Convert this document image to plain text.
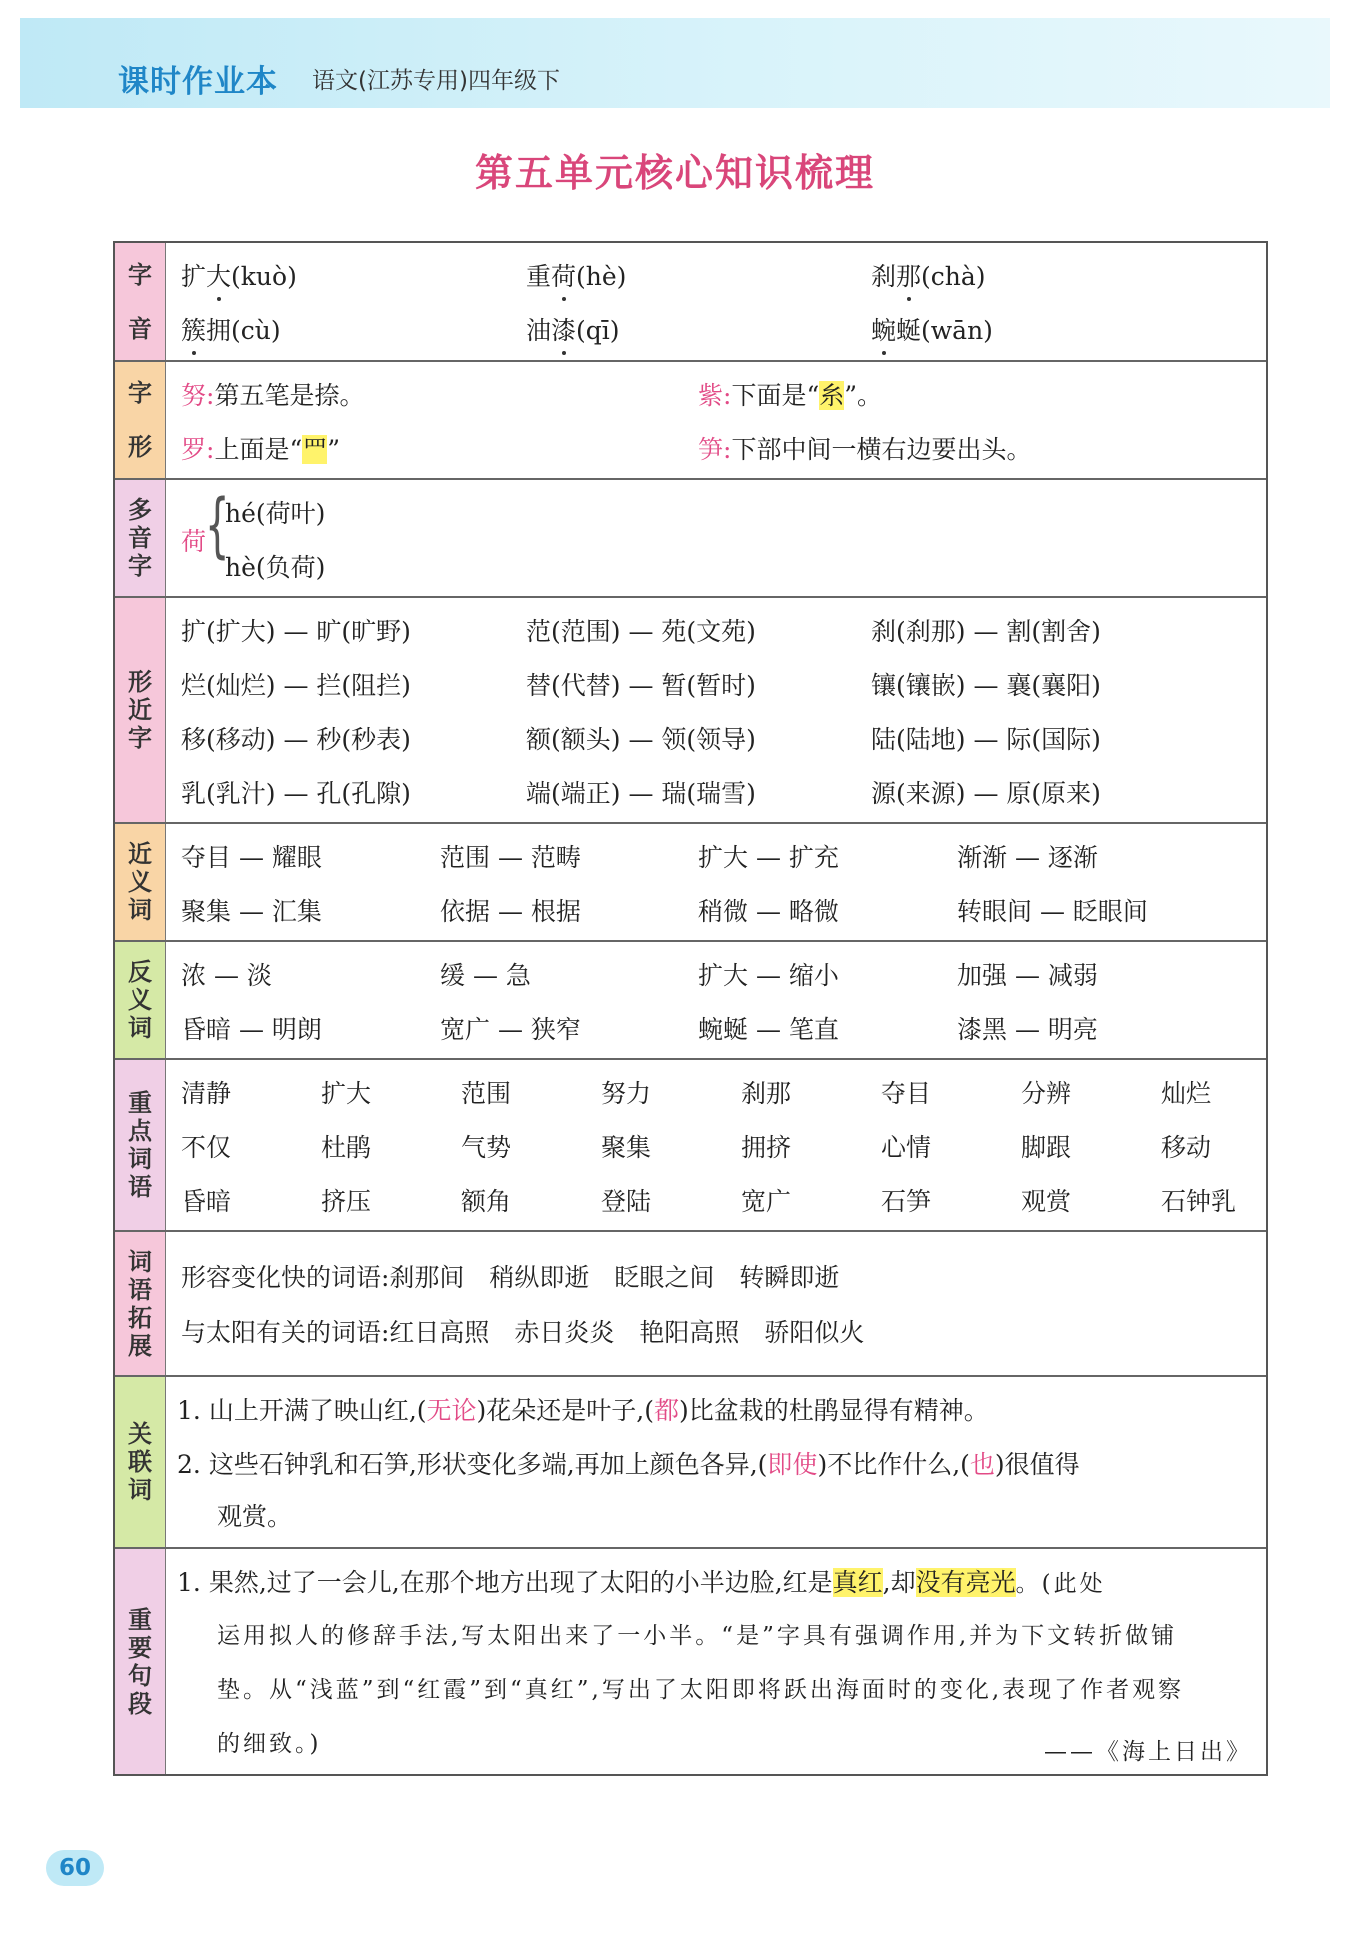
课时作业本 语文(江苏专用)四年级下
第五单元核心知识梳理
字
音
扩大(kuò)	重荷(hè)	刹那(chà)
簇拥(cù)	油漆(qī)	蜿蜒(wān)
字
形
努:第五笔是捺。	紫:下面是“糸”。
罗:上面是“罒”	笋:下部中间一横右边要出头。
多
音
字
荷 {
hé(荷叶)
hè(负荷)
形
近
字
扩(扩大) — 旷(旷野)	范(范围) — 苑(文苑)	刹(刹那) — 割(割舍)
烂(灿烂) — 拦(阻拦)	替(代替) — 暂(暂时)	镶(镶嵌) — 襄(襄阳)
移(移动) — 秒(秒表)	额(额头) — 领(领导)	陆(陆地) — 际(国际)
乳(乳汁) — 孔(孔隙)	端(端正) — 瑞(瑞雪)	源(来源) — 原(原来)
近
义
词
夺目 — 耀眼	范围 — 范畴	扩大 — 扩充	渐渐 — 逐渐
聚集 — 汇集	依据 — 根据	稍微 — 略微	转眼间 — 眨眼间
反
义
词
浓 — 淡	缓 — 急	扩大 — 缩小	加强 — 减弱
昏暗 — 明朗	宽广 — 狭窄	蜿蜒 — 笔直	漆黑 — 明亮
重
点
词
语
清静	扩大	范围	努力	刹那	夺目	分辨	灿烂
不仅	杜鹃	气势	聚集	拥挤	心情	脚跟	移动
昏暗	挤压	额角	登陆	宽广	石笋	观赏	石钟乳
词
语
拓
展
形容变化快的词语:刹那间　稍纵即逝　眨眼之间　转瞬即逝
与太阳有关的词语:红日高照　赤日炎炎　艳阳高照　骄阳似火
关
联
词
1. 山上开满了映山红,(无论)花朵还是叶子,(都)比盆栽的杜鹃显得有精神。
2. 这些石钟乳和石笋,形状变化多端,再加上颜色各异,(即使)不比作什么,(也)很值得
观赏。
重
要
句
段
1. 果然,过了一会儿,在那个地方出现了太阳的小半边脸,红是真红,却没有亮光。(此处
运用拟人的修辞手法,写太阳出来了一小半。“是”字具有强调作用,并为下文转折做铺
垫。从“浅蓝”到“红霞”到“真红”,写出了太阳即将跃出海面时的变化,表现了作者观察
的细致。)	——《海上日出》
60
